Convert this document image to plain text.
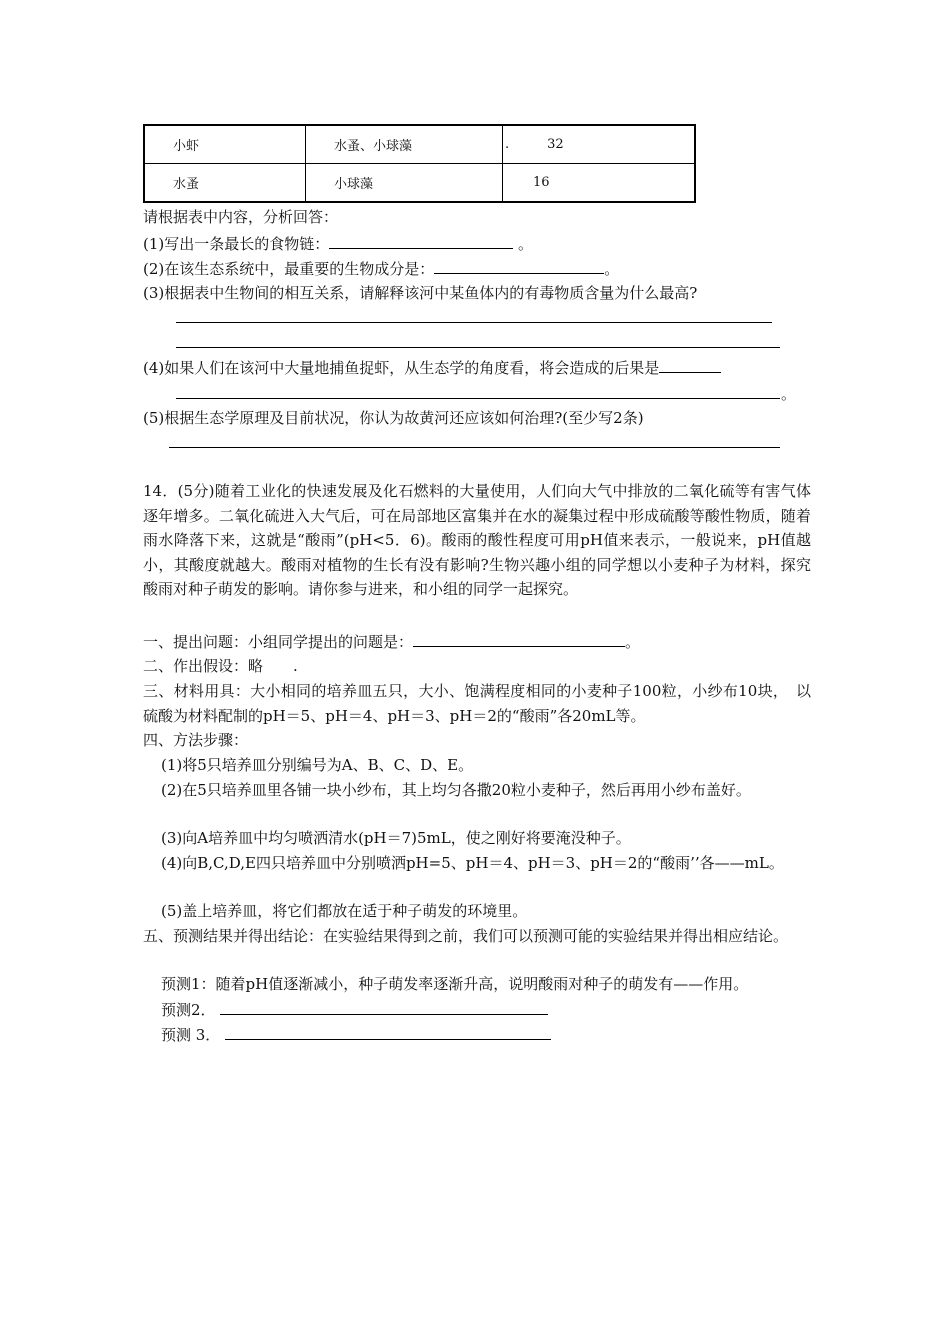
小虾	水蚤、小球藻	. 32
水蚤	小球藻	16
请根据表中内容，分析回答：
(1)写出一条最长的食物链：	。
(2)在该生态系统中，最重要的生物成分是：	。
(3)根据表中生物间的相互关系，请解释该河中某鱼体内的有毒物质含量为什么最高?
(4)如果人们在该河中大量地捕鱼捉虾，从生态学的角度看，将会造成的后果是
。
(5)根据生态学原理及目前状况，你认为故黄河还应该如何治理?(至少写2条)
14．(5分)随着工业化的快速发展及化石燃料的大量使用，人们向大气中排放的二氧化硫等有害气体逐年增多。二氧化硫进入大气后，可在局部地区富集并在水的凝集过程中形成硫酸等酸性物质，随着雨水降落下来，这就是“酸雨”(pH<5．6)。酸雨的酸性程度可用pH值来表示，一般说来，pH值越小，其酸度就越大。酸雨对植物的生长有没有影响?生物兴趣小组的同学想以小麦种子为材料，探究酸雨对种子萌发的影响。请你参与进来，和小组的同学一起探究。
一、提出问题：小组同学提出的问题是：	。
二、作出假设：略　　.
三、材料用具：大小相同的培养皿五只，大小、饱满程度相同的小麦种子100粒，小纱布10块，　以硫酸为材料配制的pH＝5、pH＝4、pH＝3、pH＝2的“酸雨”各20mL等。
四、方法步骤：
(1)将5只培养皿分别编号为A、B、C、D、E。
(2)在5只培养皿里各铺一块小纱布，其上均匀各撒20粒小麦种子，然后再用小纱布盖好。
(3)向A培养皿中均匀喷洒清水(pH＝7)5mL，使之刚好将要淹没种子。
(4)向B,C,D,E四只培养皿中分别喷洒pH=5、pH＝4、pH＝3、pH＝2的“酸雨’’各——mL。
(5)盖上培养皿，将它们都放在适于种子萌发的环境里。
五、预测结果并得出结论：在实验结果得到之前，我们可以预测可能的实验结果并得出相应结论。
预测1：随着pH值逐渐减小，种子萌发率逐渐升高，说明酸雨对种子的萌发有——作用。
预测2．
预测 3．
